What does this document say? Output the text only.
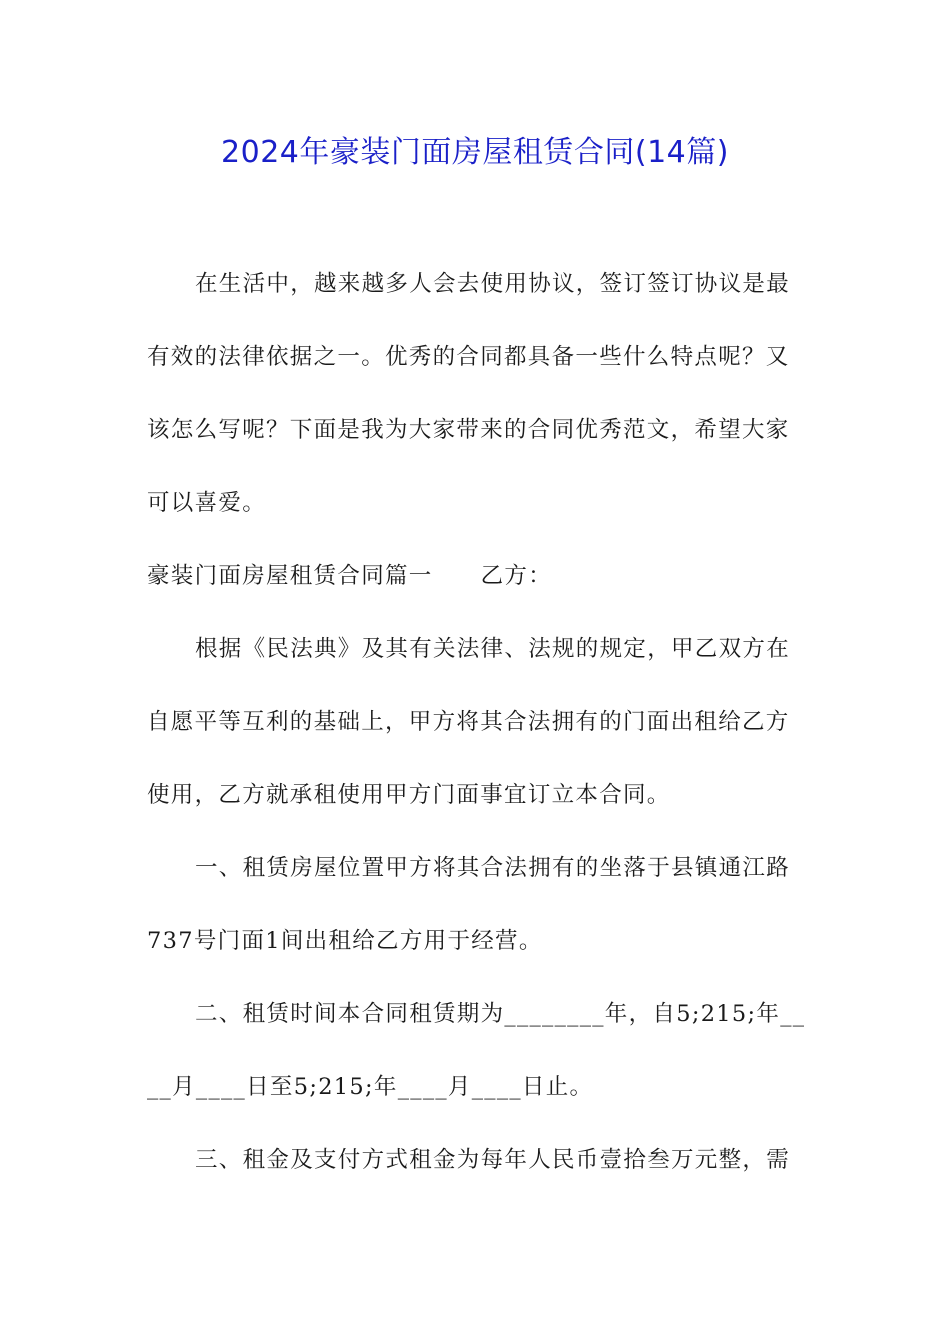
2024年豪装门面房屋租赁合同(14篇)
在生活中，越来越多人会去使用协议，签订签订协议是最
有效的法律依据之一。优秀的合同都具备一些什么特点呢？又
该怎么写呢？下面是我为大家带来的合同优秀范文，希望大家
可以喜爱。
豪装门面房屋租赁合同篇一 乙方：
根据《民法典》及其有关法律、法规的规定，甲乙双方在
自愿平等互利的基础上，甲方将其合法拥有的门面出租给乙方
使用，乙方就承租使用甲方门面事宜订立本合同。
一、租赁房屋位置甲方将其合法拥有的坐落于县镇通江路
737号门面1间出租给乙方用于经营。
二、租赁时间本合同租赁期为________年，自5;215;年__
__月____日至5;215;年____月____日止。
三、租金及支付方式租金为每年人民币壹拾叁万元整，需
